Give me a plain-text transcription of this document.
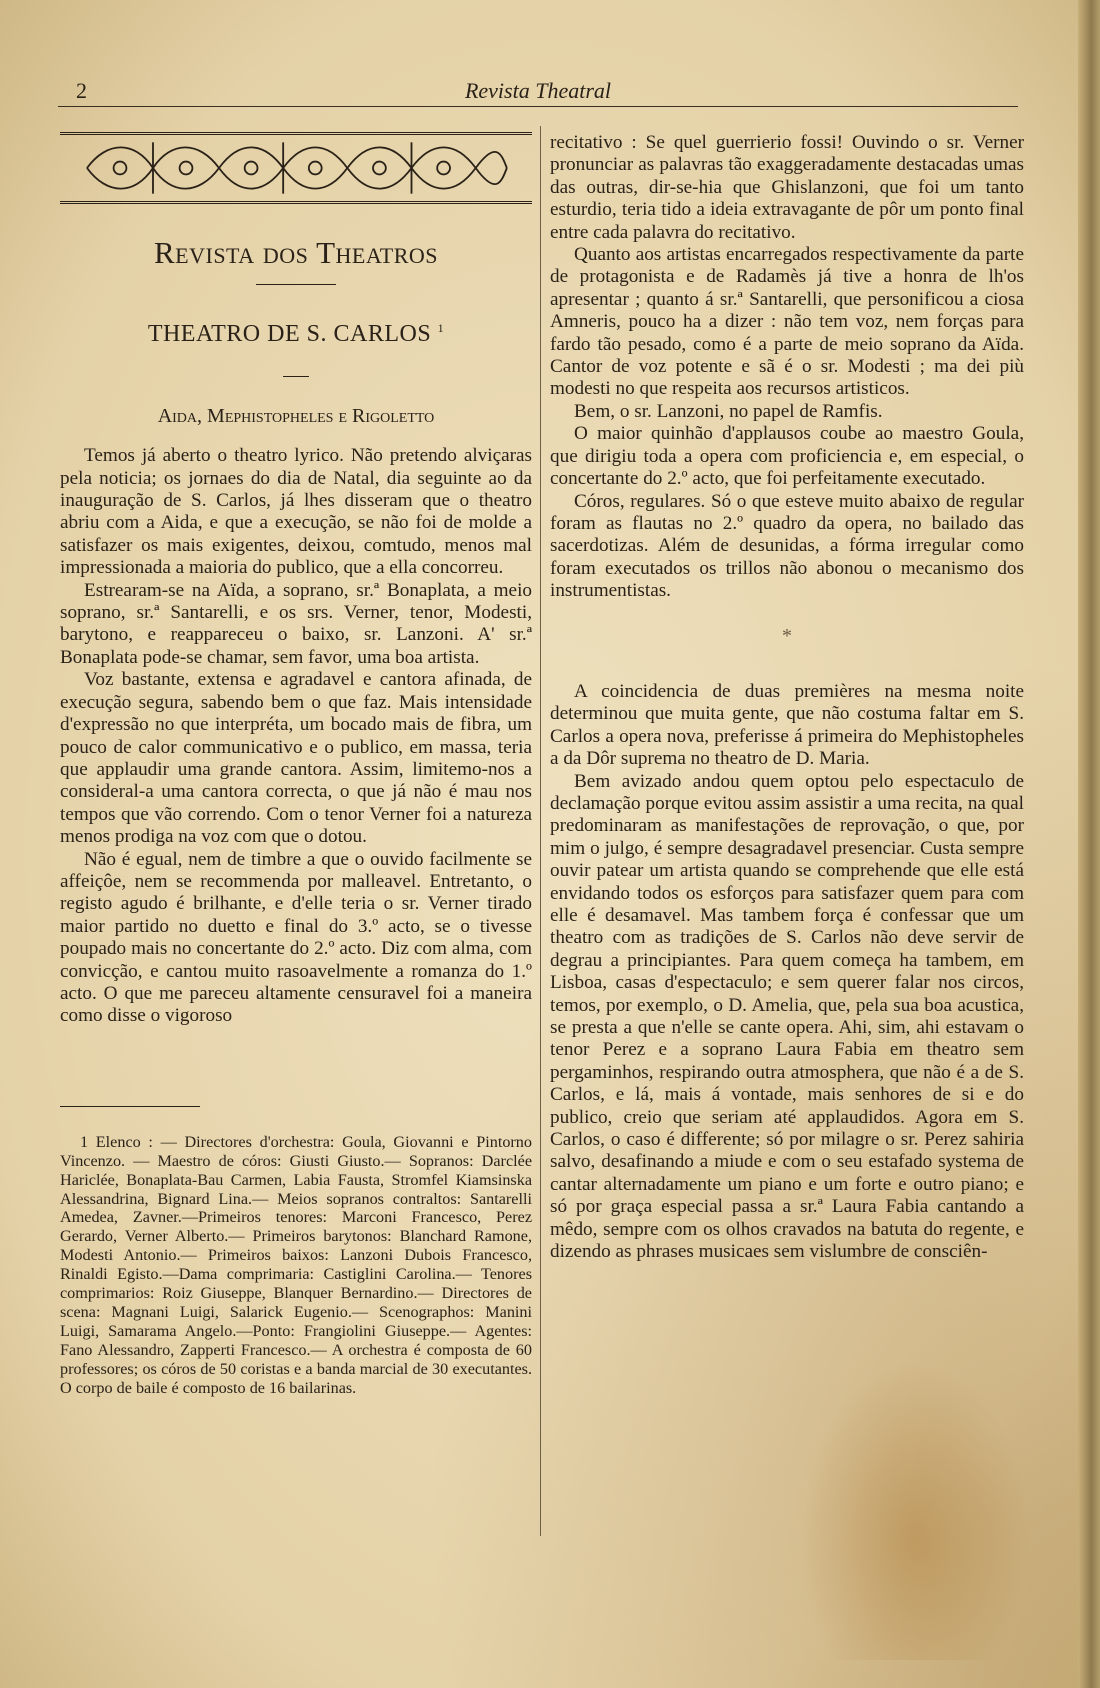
2	Revista Theatral
Revista dos Theatros
THEATRO DE S. CARLOS $^1$
Aida, Mephistopheles e Rigoletto

Temos já aberto o theatro lyrico. Não pretendo alviçaras pela noticia; os jornaes do dia de Natal, dia seguinte ao da inauguração de S. Carlos, já lhes disseram que o theatro abriu com a Aida, e que a execução, se não foi de molde a satisfazer os mais exigentes, deixou, comtudo, menos mal impressionada a maioria do publico, que a ella concorreu.

Estrearam-se na Aïda, a soprano, sr.ª Bonaplata, a meio soprano, sr.ª Santarelli, e os srs. Verner, tenor, Modesti, barytono, e reappareceu o baixo, sr. Lanzoni. A' sr.ª Bonaplata pode-se chamar, sem favor, uma boa artista.

Voz bastante, extensa e agradavel e cantora afinada, de execução segura, sabendo bem o que faz. Mais intensidade d'expressão no que interpréta, um bocado mais de fibra, um pouco de calor communicativo e o publico, em massa, teria que applaudir uma grande cantora. Assim, limitemo-nos a consideral-a uma cantora correcta, o que já não é mau nos tempos que vão correndo. Com o tenor Verner foi a natureza menos prodiga na voz com que o dotou.

Não é egual, nem de timbre a que o ouvido facilmente se affeiçôe, nem se recommenda por malleavel. Entretanto, o registo agudo é brilhante, e d'elle teria o sr. Verner tirado maior partido no duetto e final do 3.º acto, se o tivesse poupado mais no concertante do 2.º acto. Diz com alma, com convicção, e cantou muito rasoavelmente a romanza do 1.º acto. O que me pareceu altamente censuravel foi a maneira como disse o vigoroso

1 Elenco : — Directores d'orchestra: Goula, Giovanni e Pintorno Vincenzo. — Maestro de córos: Giusti Giusto.— Sopranos: Darclée Hariclée, Bonaplata-Bau Carmen, Labia Fausta, Stromfel Kiamsinska Alessandrina, Bignard Lina.— Meios sopranos contraltos: Santarelli Amedea, Zavner.—Primeiros tenores: Marconi Francesco, Perez Gerardo, Verner Alberto.— Primeiros barytonos: Blanchard Ramone, Modesti Antonio.— Primeiros baixos: Lanzoni Dubois Francesco, Rinaldi Egisto.—Dama comprimaria: Castiglini Carolina.— Tenores comprimarios: Roiz Giuseppe, Blanquer Bernardino.— Directores de scena: Magnani Luigi, Salarick Eugenio.— Scenographos: Manini Luigi, Samarama Angelo.—Ponto: Frangiolini Giuseppe.— Agentes: Fano Alessandro, Zapperti Francesco.— A orchestra é composta de 60 professores; os córos de 50 coristas e a banda marcial de 30 executantes. O corpo de baile é composto de 16 bailarinas.

recitativo : Se quel guerrierio fossi! Ouvindo o sr. Verner pronunciar as palavras tão exaggeradamente destacadas umas das outras, dir-se-hia que Ghislanzoni, que foi um tanto esturdio, teria tido a ideia extravagante de pôr um ponto final entre cada palavra do recitativo.

Quanto aos artistas encarregados respectivamente da parte de protagonista e de Radamès já tive a honra de lh'os apresentar ; quanto á sr.ª Santarelli, que personificou a ciosa Amneris, pouco ha a dizer : não tem voz, nem forças para fardo tão pesado, como é a parte de meio soprano da Aïda. Cantor de voz potente e sã é o sr. Modesti ; ma dei più modesti no que respeita aos recursos artisticos.

Bem, o sr. Lanzoni, no papel de Ramfis.

O maior quinhão d'applausos coube ao maestro Goula, que dirigiu toda a opera com proficiencia e, em especial, o concertante do 2.º acto, que foi perfeitamente executado.

Córos, regulares. Só o que esteve muito abaixo de regular foram as flautas no 2.º quadro da opera, no bailado das sacerdotizas. Além de desunidas, a fórma irregular como foram executados os trillos não abonou o mecanismo dos instrumentistas.

*

A coincidencia de duas premières na mesma noite determinou que muita gente, que não costuma faltar em S. Carlos a opera nova, preferisse á primeira do Mephistopheles a da Dôr suprema no theatro de D. Maria.

Bem avizado andou quem optou pelo espectaculo de declamação porque evitou assim assistir a uma recita, na qual predominaram as manifestações de reprovação, o que, por mim o julgo, é sempre desagradavel presenciar. Custa sempre ouvir patear um artista quando se comprehende que elle está envidando todos os esforços para satisfazer quem para com elle é desamavel. Mas tambem força é confessar que um theatro com as tradições de S. Carlos não deve servir de degrau a principiantes. Para quem começa ha tambem, em Lisboa, casas d'espectaculo; e sem querer falar nos circos, temos, por exemplo, o D. Amelia, que, pela sua boa acustica, se presta a que n'elle se cante opera. Ahi, sim, ahi estavam o tenor Perez e a soprano Laura Fabia em theatro sem pergaminhos, respirando outra atmosphera, que não é a de S. Carlos, e lá, mais á vontade, mais senhores de si e do publico, creio que seriam até applaudidos. Agora em S. Carlos, o caso é differente; só por milagre o sr. Perez sahiria salvo, desafinando a miude e com o seu estafado systema de cantar alternadamente um piano e um forte e outro piano; e só por graça especial passa a sr.ª Laura Fabia cantando a mêdo, sempre com os olhos cravados na batuta do regente, e dizendo as phrases musicaes sem vislumbre de consciên-
